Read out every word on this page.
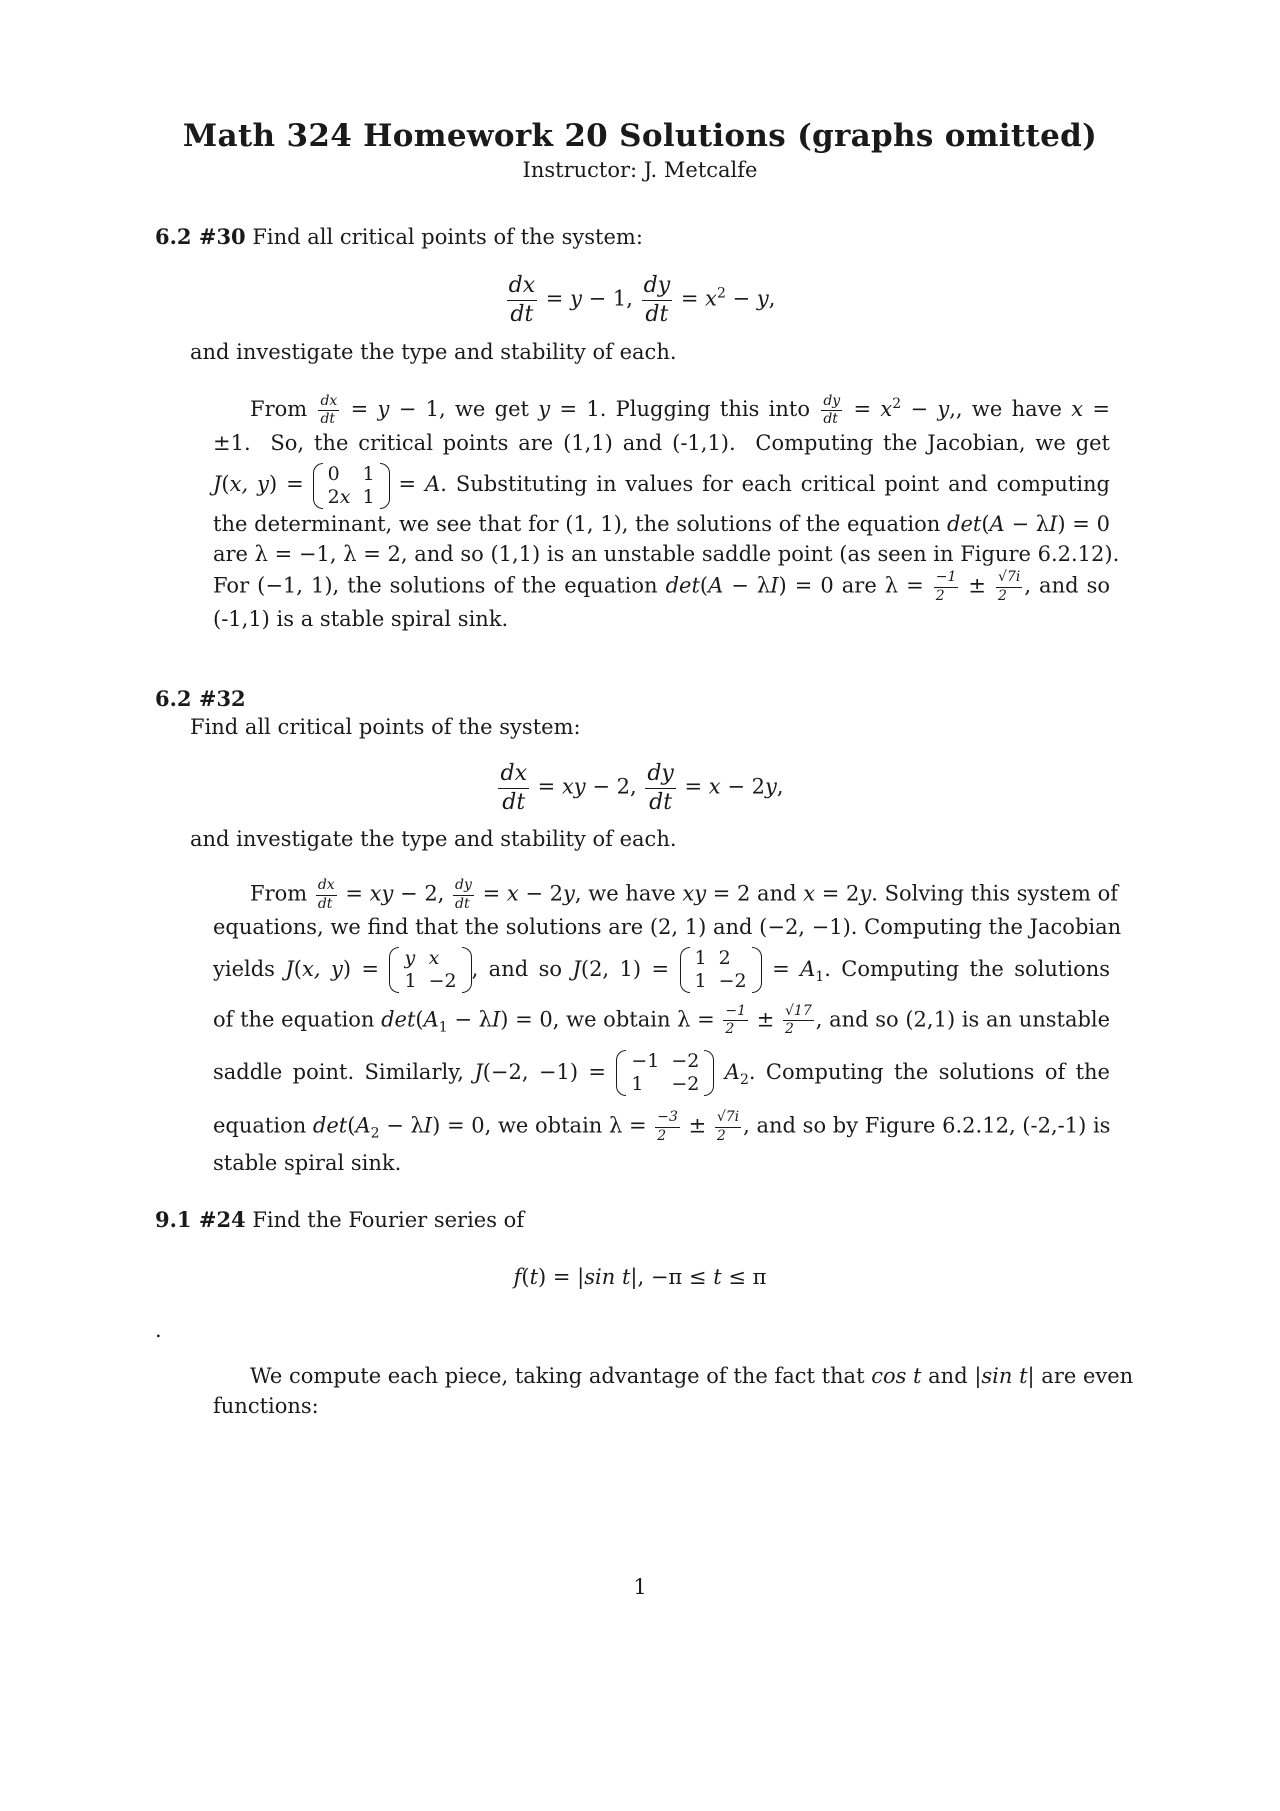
Math 324 Homework 20 Solutions (graphs omitted)
Instructor: J. Metcalfe
6.2 #30 Find all critical points of the system:
$\frac{dx}{dt} = y - 1$, $\frac{dy}{dt} = x^2 - y$,
and investigate the type and stability of each.
From $\frac{dx}{dt} = y - 1$, we get y = 1. Plugging this into $\frac{dy}{dt} = x^2 - y$,, we have x =
±1.  So, the critical points are (1,1) and (-1,1).  Computing the Jacobian, we get
J(x, y) = 0	1
2x	1
= A. Substituting in values for each critical point and computing
the determinant, we see that for (1, 1), the solutions of the equation det(A − λI) = 0
are λ = −1, λ = 2, and so (1,1) is an unstable saddle point (as seen in Figure 6.2.12).
For (−1, 1), the solutions of the equation det(A − λI) = 0 are $\lambda = \frac{-1}{2} \pm \frac{√7i}{2}$ , and so
(-1,1) is a stable spiral sink.
6.2 #32
Find all critical points of the system:
$\frac{dx}{dt}$ = xy − 2, $\frac{dy}{dt} = x - 2y$,
and investigate the type and stability of each.
From $\frac{dx}{dt}$ = xy − 2, $\frac{dy}{dt} = x - 2y$, we have xy = 2 and x = 2y. Solving this system of
equations, we find that the solutions are (2, 1) and (−2, −1). Computing the Jacobian
yields J(x, y) = y	x
1	−2
, and so J(2, 1) = 1	2
1	−2
= $A_1$. Computing the solutions
of the equation $\det(A_1 - \lambda I) = 0$, we obtain $\lambda = \frac{-1}{2} \pm \frac{√17}{2}$ , and so (2,1) is an unstable
saddle point. Similarly, J(−2, −1) = −1	−2
1	−2
$A_2$. Computing the solutions of the
equation $\det(A_2 - \lambda I) = 0$, we obtain $\lambda = \frac{-3}{2} \pm \frac{√7i}{2}$ , and so by Figure 6.2.12, (-2,-1) is
stable spiral sink.
9.1 #24 Find the Fourier series of
f(t) = |sin t|, −π ≤ t ≤ π
.
We compute each piece, taking advantage of the fact that cos t and |sin t| are even
functions:
1
